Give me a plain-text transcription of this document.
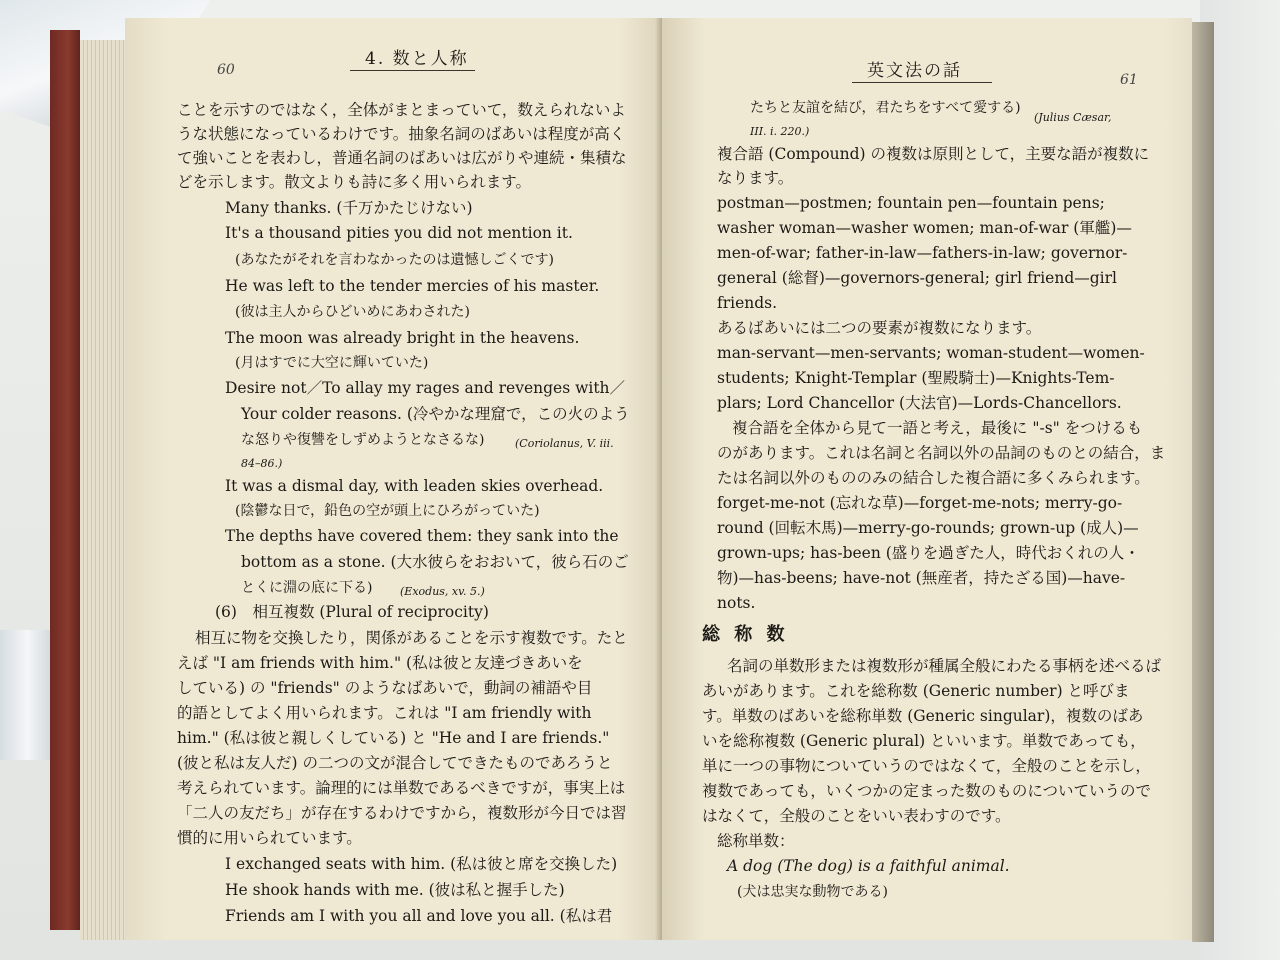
60
4. 数と人称
ことを示すのではなく，全体がまとまっていて，数えられないよ
うな状態になっているわけです。抽象名詞のばあいは程度が高く
て強いことを表わし，普通名詞のばあいは広がりや連続・集積な
どを示します。散文よりも詩に多く用いられます。
Many thanks. (千万かたじけない)
It's a thousand pities you did not mention it.
(あなたがそれを言わなかったのは遺憾しごくです)
He was left to the tender mercies of his master.
(彼は主人からひどいめにあわされた)
The moon was already bright in the heavens.
(月はすでに大空に輝いていた)
Desire not／To allay my rages and revenges with／
Your colder reasons. (冷やかな理窟で，この火のよう
な怒りや復讐をしずめようとなさるな)	(Coriolanus, V. iii.
84–86.)
It was a dismal day, with leaden skies overhead.
(陰鬱な日で，鉛色の空が頭上にひろがっていた)
The depths have covered them: they sank into the
bottom as a stone. (大水彼らをおおいて，彼ら石のご
とくに淵の底に下る)	(Exodus, xv. 5.)
(6)　相互複数 (Plural of reciprocity)
相互に物を交換したり，関係があることを示す複数です。たと
えば "I am friends with him." (私は彼と友達づきあいを
している) の "friends" のようなばあいで，動詞の補語や目
的語としてよく用いられます。これは "I am friendly with
him." (私は彼と親しくしている) と "He and I are friends."
(彼と私は友人だ) の二つの文が混合してできたものであろうと
考えられています。論理的には単数であるべきですが，事実上は
「二人の友だち」が存在するわけですから，複数形が今日では習
慣的に用いられています。
I exchanged seats with him. (私は彼と席を交換した)
He shook hands with me. (彼は私と握手した)
Friends am I with you all and love you all. (私は君
英文法の話	61
たちと友誼を結び，君たちをすべて愛する)
(Julius Cæsar,
III. i. 220.)
複合語 (Compound) の複数は原則として，主要な語が複数に
なります。
postman—postmen; fountain pen—fountain pens;
washer woman—washer women; man-of-war (軍艦)—
men-of-war; father-in-law—fathers-in-law; governor-
general (総督)—governors-general; girl friend—girl
friends.
あるばあいには二つの要素が複数になります。
man-servant—men-servants; woman-student—women-
students; Knight-Templar (聖殿騎士)—Knights-Tem-
plars; Lord Chancellor (大法官)—Lords-Chancellors.
複合語を全体から見て一語と考え，最後に "-s" をつけるも
のがあります。これは名詞と名詞以外の品詞のものとの結合，ま
たは名詞以外のもののみの結合した複合語に多くみられます。
forget-me-not (忘れな草)—forget-me-nots; merry-go-
round (回転木馬)—merry-go-rounds; grown-up (成人)—
grown-ups; has-been (盛りを過ぎた人，時代おくれの人・
物)—has-beens; have-not (無産者，持たざる国)—have-
nots.
総 称 数
名詞の単数形または複数形が種属全般にわたる事柄を述べるば
あいがあります。これを総称数 (Generic number) と呼びま
す。単数のばあいを総称単数 (Generic singular)，複数のばあ
いを総称複数 (Generic plural) といいます。単数であっても，
単に一つの事物についていうのではなくて，全般のことを示し，
複数であっても，いくつかの定まった数のものについていうので
はなくて，全般のことをいい表わすのです。
総称単数：
A dog (The dog) is a faithful animal.
(犬は忠実な動物である)
